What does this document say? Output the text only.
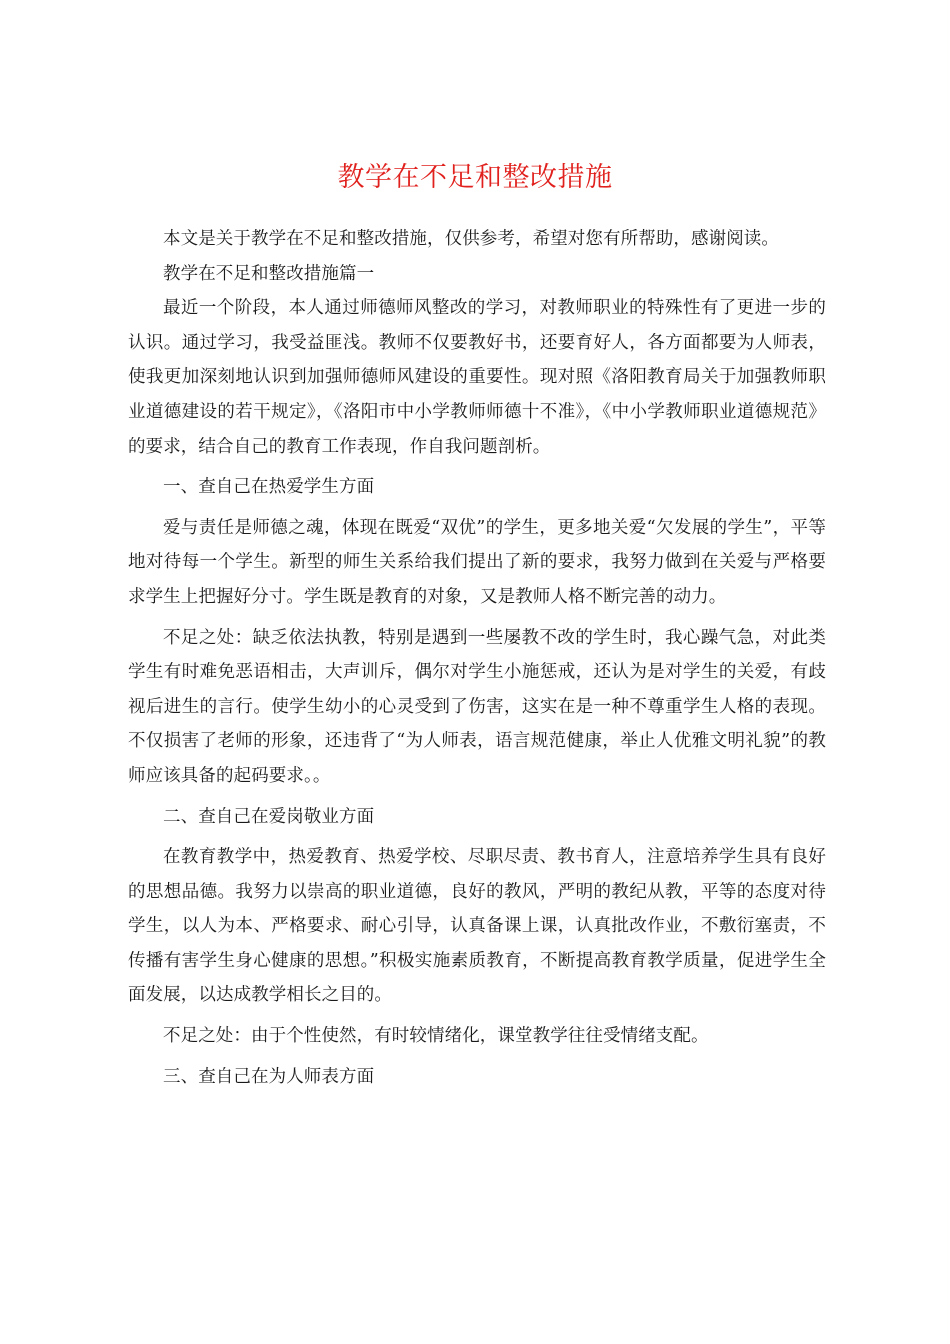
教学在不足和整改措施

本文是关于教学在不足和整改措施，仅供参考，希望对您有所帮助，感谢阅读。

教学在不足和整改措施篇一

最近一个阶段，本人通过师德师风整改的学习，对教师职业的特殊性有了更进一步的认识。通过学习，我受益匪浅。教师不仅要教好书，还要育好人，各方面都要为人师表，使我更加深刻地认识到加强师德师风建设的重要性。现对照《洛阳教育局关于加强教师职业道德建设的若干规定》，《洛阳市中小学教师师德十不准》，《中小学教师职业道德规范》的要求，结合自己的教育工作表现，作自我问题剖析。

一、查自己在热爱学生方面

爱与责任是师德之魂，体现在既爱“双优”的学生，更多地关爱“欠发展的学生”，平等地对待每一个学生。新型的师生关系给我们提出了新的要求，我努力做到在关爱与严格要求学生上把握好分寸。学生既是教育的对象，又是教师人格不断完善的动力。

不足之处：缺乏依法执教，特别是遇到一些屡教不改的学生时，我心躁气急，对此类学生有时难免恶语相击，大声训斥，偶尔对学生小施惩戒，还认为是对学生的关爱，有歧视后进生的言行。使学生幼小的心灵受到了伤害，这实在是一种不尊重学生人格的表现。不仅损害了老师的形象，还违背了“为人师表，语言规范健康，举止人优雅文明礼貌”的教师应该具备的起码要求。。

二、查自己在爱岗敬业方面

在教育教学中，热爱教育、热爱学校、尽职尽责、教书育人，注意培养学生具有良好的思想品德。我努力以崇高的职业道德，良好的教风，严明的教纪从教，平等的态度对待学生，以人为本、严格要求、耐心引导，认真备课上课，认真批改作业，不敷衍塞责，不传播有害学生身心健康的思想。”积极实施素质教育，不断提高教育教学质量，促进学生全面发展，以达成教学相长之目的。

不足之处：由于个性使然，有时较情绪化，课堂教学往往受情绪支配。

三、查自己在为人师表方面
